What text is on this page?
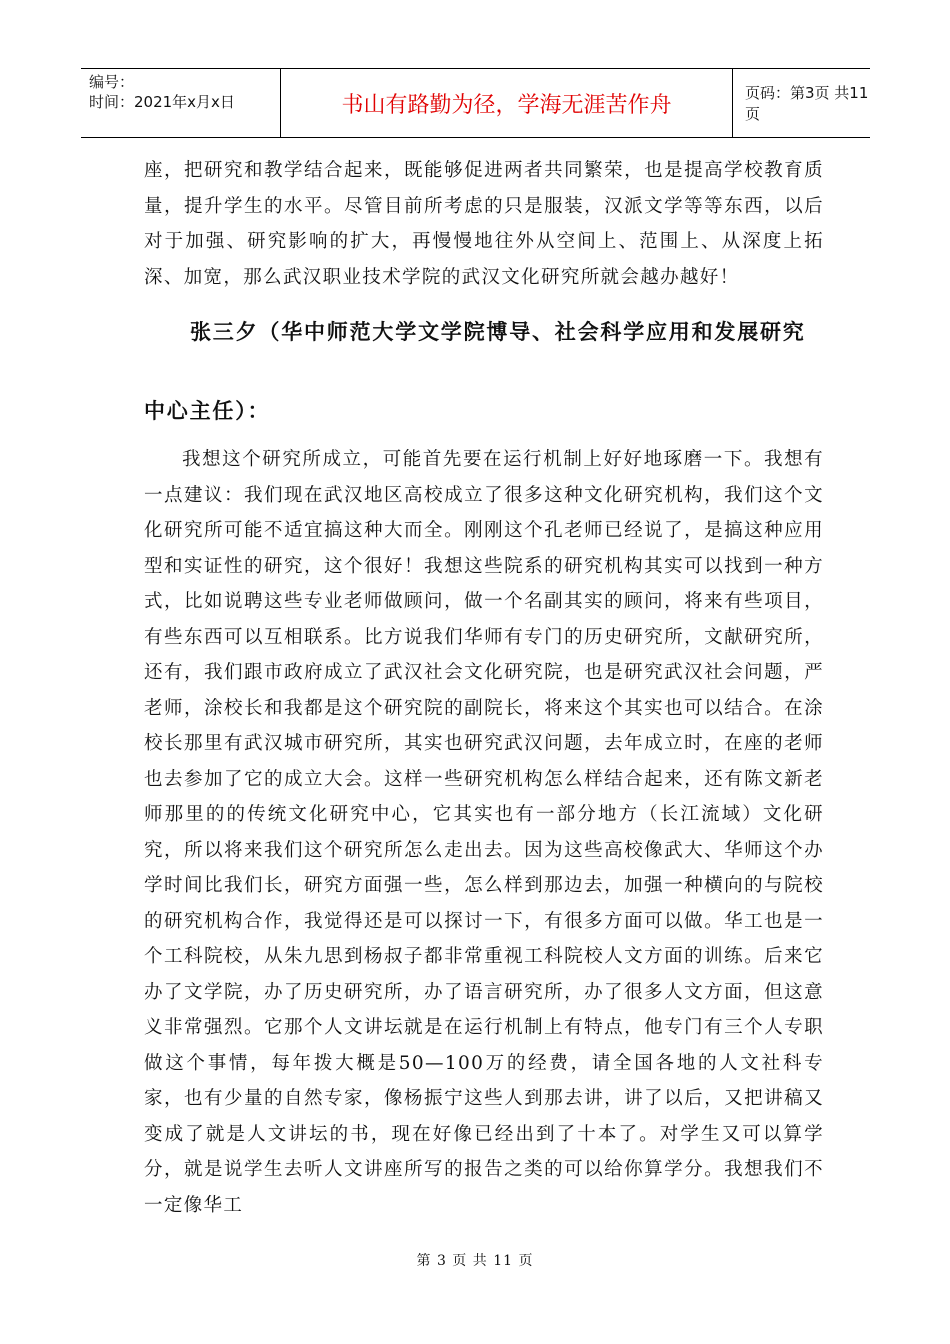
编号：
时间：2021年x月x日	书山有路勤为径，学海无涯苦作舟	页码：第3页 共11页

座，把研究和教学结合起来，既能够促进两者共同繁荣，也是提高学校教育质量，提升学生的水平。尽管目前所考虑的只是服装，汉派文学等等东西，以后对于加强、研究影响的扩大，再慢慢地往外从空间上、范围上、从深度上拓深、加宽，那么武汉职业技术学院的武汉文化研究所就会越办越好！

张三夕（华中师范大学文学院博导、社会科学应用和发展研究
中心主任）：

我想这个研究所成立，可能首先要在运行机制上好好地琢磨一下。我想有一点建议：我们现在武汉地区高校成立了很多这种文化研究机构，我们这个文化研究所可能不适宜搞这种大而全。刚刚这个孔老师已经说了，是搞这种应用型和实证性的研究，这个很好！我想这些院系的研究机构其实可以找到一种方式，比如说聘这些专业老师做顾问，做一个名副其实的顾问，将来有些项目，有些东西可以互相联系。比方说我们华师有专门的历史研究所，文献研究所，还有，我们跟市政府成立了武汉社会文化研究院，也是研究武汉社会问题，严老师，涂校长和我都是这个研究院的副院长，将来这个其实也可以结合。在涂校长那里有武汉城市研究所，其实也研究武汉问题，去年成立时，在座的老师也去参加了它的成立大会。这样一些研究机构怎么样结合起来，还有陈文新老师那里的的传统文化研究中心，它其实也有一部分地方（长江流域）文化研究，所以将来我们这个研究所怎么走出去。因为这些高校像武大、华师这个办学时间比我们长，研究方面强一些，怎么样到那边去，加强一种横向的与院校的研究机构合作，我觉得还是可以探讨一下，有很多方面可以做。华工也是一个工科院校，从朱九思到杨叔子都非常重视工科院校人文方面的训练。后来它办了文学院，办了历史研究所，办了语言研究所，办了很多人文方面，但这意义非常强烈。它那个人文讲坛就是在运行机制上有特点，他专门有三个人专职做这个事情，每年拨大概是50—100万的经费，请全国各地的人文社科专家，也有少量的自然专家，像杨振宁这些人到那去讲，讲了以后，又把讲稿又变成了就是人文讲坛的书，现在好像已经出到了十本了。对学生又可以算学分，就是说学生去听人文讲座所写的报告之类的可以给你算学分。我想我们不一定像华工

第 3 页 共 11 页
